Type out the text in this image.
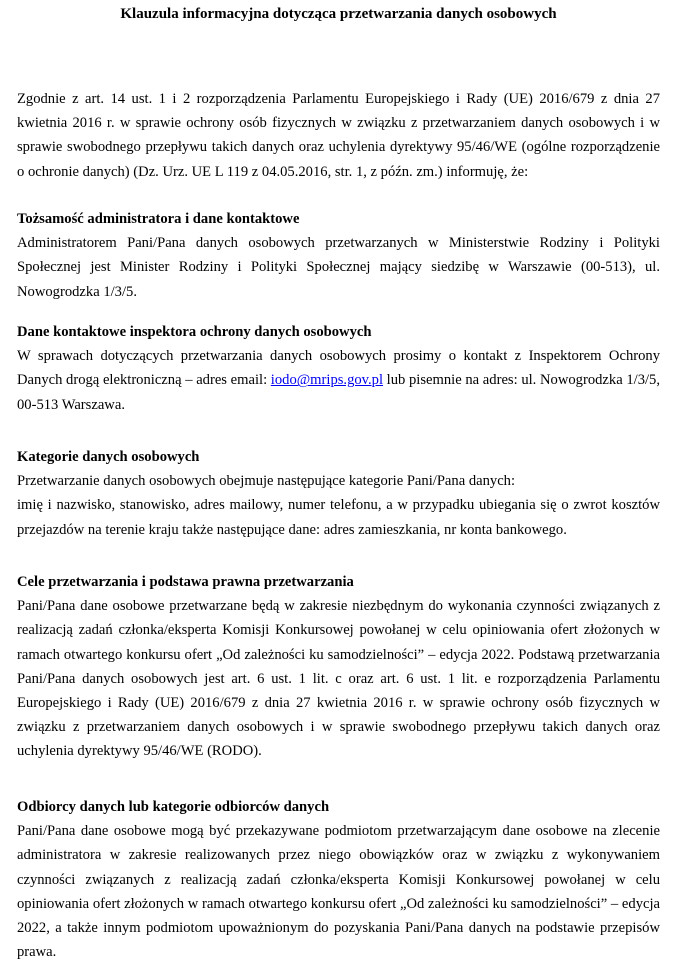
Klauzula informacyjna dotycząca przetwarzania danych osobowych

Zgodnie z art. 14 ust. 1 i 2 rozporządzenia Parlamentu Europejskiego i Rady (UE) 2016/679 z dnia 27 kwietnia 2016 r. w sprawie ochrony osób fizycznych w związku z przetwarzaniem danych osobowych i w sprawie swobodnego przepływu takich danych oraz uchylenia dyrektywy 95/46/WE (ogólne rozporządzenie o ochronie danych) (Dz. Urz. UE L 119 z 04.05.2016, str. 1, z późn. zm.) informuję, że:

Tożsamość administratora i dane kontaktowe

Administratorem Pani/Pana danych osobowych przetwarzanych w Ministerstwie Rodziny i Polityki Społecznej jest Minister Rodziny i Polityki Społecznej mający siedzibę w Warszawie (00-513), ul. Nowogrodzka 1/3/5.

Dane kontaktowe inspektora ochrony danych osobowych

W sprawach dotyczących przetwarzania danych osobowych prosimy o kontakt z Inspektorem Ochrony Danych drogą elektroniczną – adres email: iodo@mrips.gov.pl lub pisemnie na adres: ul. Nowogrodzka 1/3/5, 00-513 Warszawa.

Kategorie danych osobowych

Przetwarzanie danych osobowych obejmuje następujące kategorie Pani/Pana danych:

imię i nazwisko, stanowisko, adres mailowy, numer telefonu, a w przypadku ubiegania się o zwrot kosztów przejazdów na terenie kraju także następujące dane: adres zamieszkania, nr konta bankowego.

Cele przetwarzania i podstawa prawna przetwarzania

Pani/Pana dane osobowe przetwarzane będą w zakresie niezbędnym do wykonania czynności związanych z realizacją zadań członka/eksperta Komisji Konkursowej powołanej w celu opiniowania ofert złożonych w ramach otwartego konkursu ofert „Od zależności ku samodzielności” – edycja 2022. Podstawą przetwarzania Pani/Pana danych osobowych jest art. 6 ust. 1 lit. c oraz art. 6 ust. 1 lit. e rozporządzenia Parlamentu Europejskiego i Rady (UE) 2016/679 z dnia 27 kwietnia 2016 r. w sprawie ochrony osób fizycznych w związku z przetwarzaniem danych osobowych i w sprawie swobodnego przepływu takich danych oraz uchylenia dyrektywy 95/46/WE (RODO).

Odbiorcy danych lub kategorie odbiorców danych

Pani/Pana dane osobowe mogą być przekazywane podmiotom przetwarzającym dane osobowe na zlecenie administratora w zakresie realizowanych przez niego obowiązków oraz w związku z wykonywaniem czynności związanych z realizacją zadań członka/eksperta Komisji Konkursowej powołanej w celu opiniowania ofert złożonych w ramach otwartego konkursu ofert „Od zależności ku samodzielności” – edycja 2022, a także innym podmiotom upoważnionym do pozyskania Pani/Pana danych na podstawie przepisów prawa.
